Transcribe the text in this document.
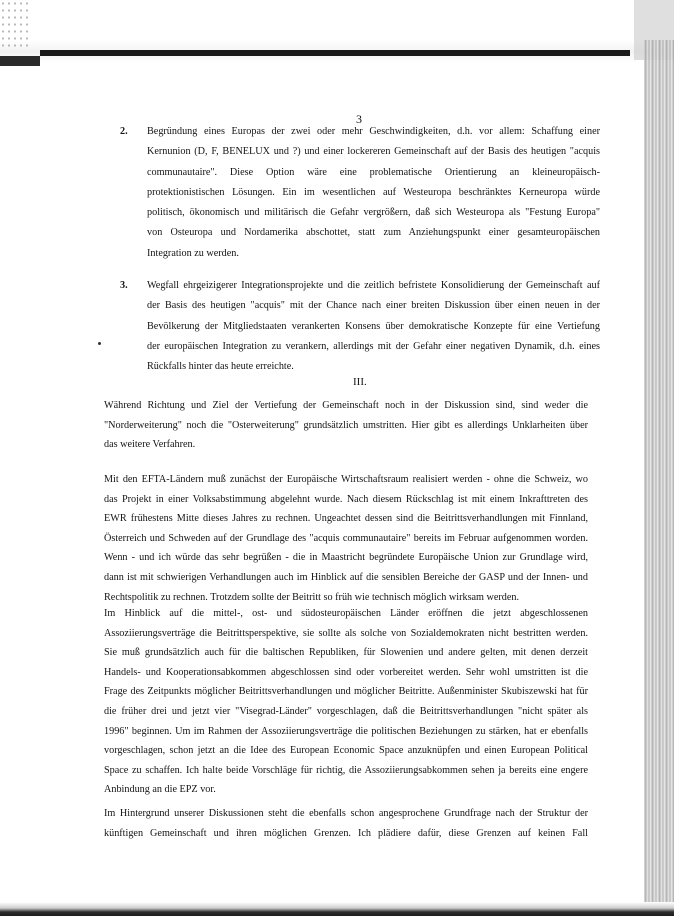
3
2. Begründung eines Europas der zwei oder mehr Geschwindigkeiten, d.h. vor allem: Schaffung einer
Kernunion (D, F, BENELUX und ?) und einer lockereren Gemeinschaft auf der Basis des heutigen "acquis
communautaire". Diese Option wäre eine problematische Orientierung an kleineuropäisch-
protektionistischen Lösungen. Ein im wesentlichen auf Westeuropa beschränktes Kerneuropa würde
politisch, ökonomisch und militärisch die Gefahr vergrößern, daß sich Westeuropa als "Festung Europa"
von Osteuropa und Nordamerika abschottet, statt zum Anziehungspunkt einer gesamteuropäischen
Integration zu werden.
3. Wegfall ehrgeizigerer Integrationsprojekte und die zeitlich befristete Konsolidierung der Gemeinschaft auf
der Basis des heutigen "acquis" mit der Chance nach einer breiten Diskussion über einen neuen in der
Bevölkerung der Mitgliedstaaten verankerten Konsens über demokratische Konzepte für eine Vertiefung
der europäischen Integration zu verankern, allerdings mit der Gefahr einer negativen Dynamik, d.h. eines
Rückfalls hinter das heute erreichte.
III.
Während Richtung und Ziel der Vertiefung der Gemeinschaft noch in der Diskussion sind, sind weder die
"Norderweiterung" noch die "Osterweiterung" grundsätzlich umstritten. Hier gibt es allerdings Unklarheiten über
das weitere Verfahren.
Mit den EFTA-Ländern muß zunächst der Europäische Wirtschaftsraum realisiert werden - ohne die Schweiz, wo
das Projekt in einer Volksabstimmung abgelehnt wurde. Nach diesem Rückschlag ist mit einem Inkrafttreten des
EWR frühestens Mitte dieses Jahres zu rechnen. Ungeachtet dessen sind die Beitrittsverhandlungen mit Finnland,
Österreich und Schweden auf der Grundlage des "acquis communautaire" bereits im Februar aufgenommen worden.
Wenn - und ich würde das sehr begrüßen - die in Maastricht begründete Europäische Union zur Grundlage wird,
dann ist mit schwierigen Verhandlungen auch im Hinblick auf die sensiblen Bereiche der GASP und der Innen- und
Rechtspolitik zu rechnen. Trotzdem sollte der Beitritt so früh wie technisch möglich wirksam werden.
Im Hinblick auf die mittel-, ost- und südosteuropäischen Länder eröffnen die jetzt abgeschlossenen
Assoziierungsverträge die Beitrittsperspektive, sie sollte als solche von Sozialdemokraten nicht bestritten werden.
Sie muß grundsätzlich auch für die baltischen Republiken, für Slowenien und andere gelten, mit denen derzeit
Handels- und Kooperationsabkommen abgeschlossen sind oder vorbereitet werden. Sehr wohl umstritten ist die
Frage des Zeitpunkts möglicher Beitrittsverhandlungen und möglicher Beitritte. Außenminister Skubiszewski hat für
die früher drei und jetzt vier "Visegrad-Länder" vorgeschlagen, daß die Beitrittsverhandlungen "nicht später als
1996" beginnen. Um im Rahmen der Assoziierungsverträge die politischen Beziehungen zu stärken, hat er ebenfalls
vorgeschlagen, schon jetzt an die Idee des European Economic Space anzuknüpfen und einen European Political
Space zu schaffen. Ich halte beide Vorschläge für richtig, die Assoziierungsabkommen sehen ja bereits eine engere
Anbindung an die EPZ vor.
Im Hintergrund unserer Diskussionen steht die ebenfalls schon angesprochene Grundfrage nach der Struktur der
künftigen Gemeinschaft und ihren möglichen Grenzen. Ich plädiere dafür, diese Grenzen auf keinen Fall
